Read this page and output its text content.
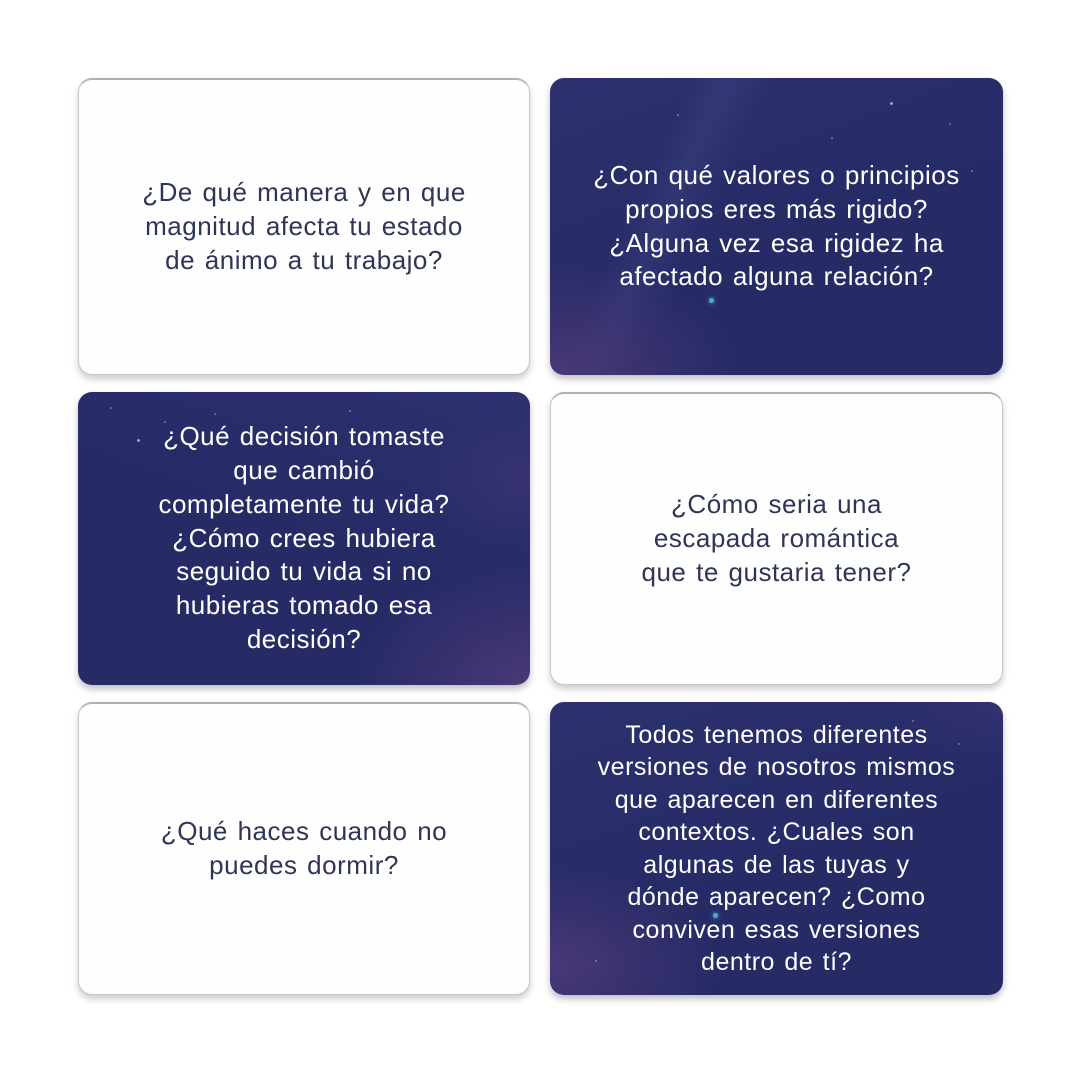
¿De qué manera y en que
magnitud afecta tu estado
de ánimo a tu trabajo?
¿Con qué valores o principios
propios eres más rigido?
¿Alguna vez esa rigidez ha
afectado alguna relación?
¿Qué decisión tomaste
que cambió
completamente tu vida?
¿Cómo crees hubiera
seguido tu vida si no
hubieras tomado esa
decisión?
¿Cómo seria una
escapada romántica
que te gustaria tener?
¿Qué haces cuando no
puedes dormir?
Todos tenemos diferentes
versiones de nosotros mismos
que aparecen en diferentes
contextos. ¿Cuales son
algunas de las tuyas y
dónde aparecen? ¿Como
conviven esas versiones
dentro de tí?
